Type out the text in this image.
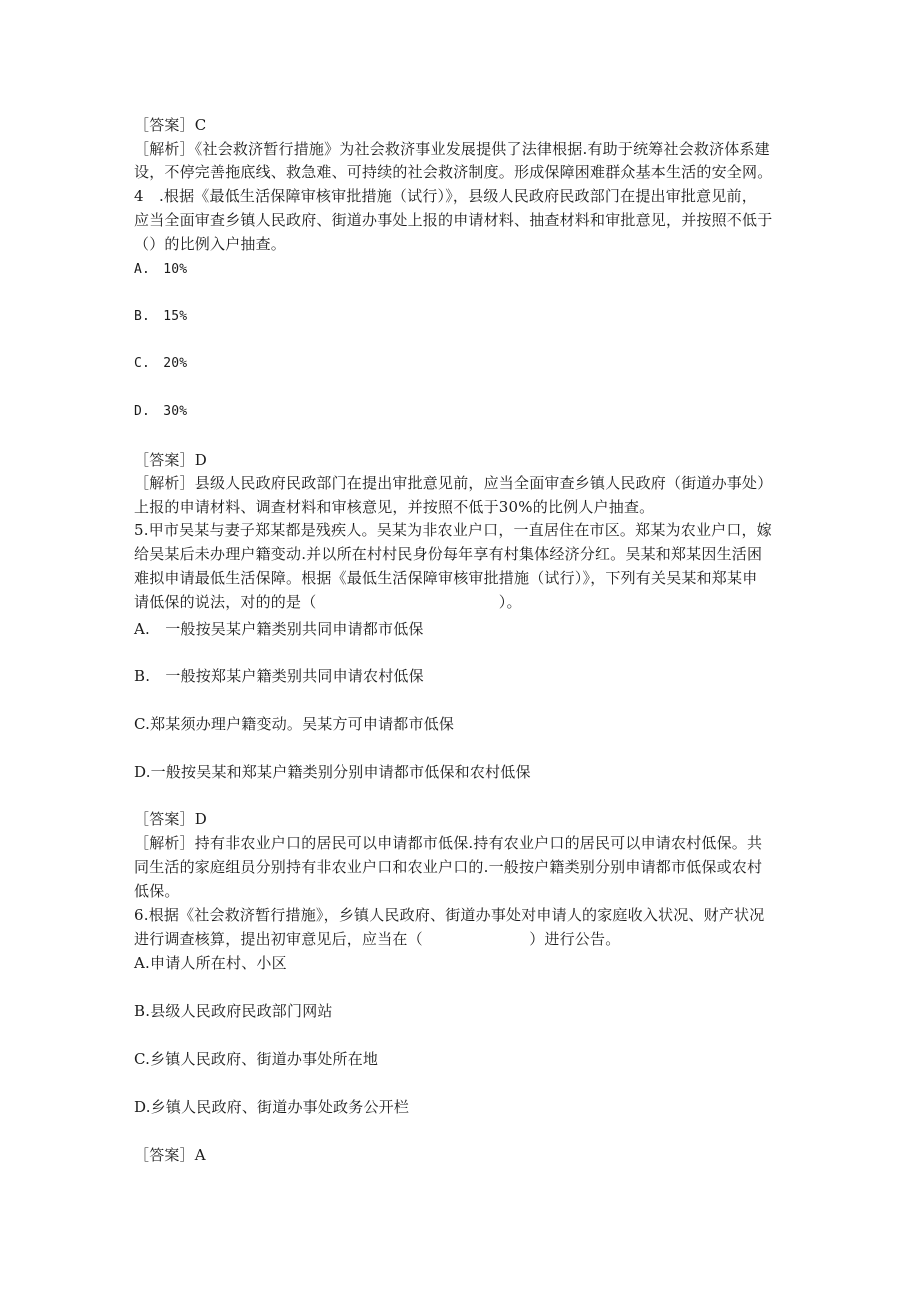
［答案］C
［解析］《社会救济暂行措施》为社会救济事业发展提供了法律根据.有助于统筹社会救济体系建
设，不停完善拖底线、救急难、可持续的社会救济制度。形成保障困难群众基本生活的安全网。
4　.根据《最低生活保障审核审批措施（试行）》，县级人民政府民政部门在提出审批意见前，
应当全面审查乡镇人民政府、街道办事处上报的申请材料、抽查材料和审批意见，并按照不低于
（）的比例入户抽查。
A.　10%
B.　15%
C.　20%
D.　30%
［答案］D
［解析］县级人民政府民政部门在提出审批意见前，应当全面审查乡镇人民政府（街道办事处）
上报的申请材料、调查材料和审核意见，并按照不低于30%的比例人户抽查。
5.甲市吴某与妻子郑某都是残疾人。吴某为非农业户口，一直居住在市区。郑某为农业户口，嫁
给吴某后未办理户籍变动.并以所在村村民身份每年享有村集体经济分红。吴某和郑某因生活困
难拟申请最低生活保障。根据《最低生活保障审核审批措施（试行）》，下列有关吴某和郑某申
请低保的说法，对的的是（　　　　　　　　　　　　）。
A.　一般按吴某户籍类别共同申请都市低保
B.　一般按郑某户籍类别共同申请农村低保
C.郑某须办理户籍变动。吴某方可申请都市低保
D.一般按吴某和郑某户籍类别分别申请都市低保和农村低保
［答案］D
［解析］持有非农业户口的居民可以申请都市低保.持有农业户口的居民可以申请农村低保。共
同生活的家庭组员分别持有非农业户口和农业户口的.一般按户籍类别分别申请都市低保或农村
低保。
6.根据《社会救济暂行措施》，乡镇人民政府、街道办事处对申请人的家庭收入状况、财产状况
进行调查核算，提出初审意见后，应当在（　　　　　　　）进行公告。
A.申请人所在村、小区
B.县级人民政府民政部门网站
C.乡镇人民政府、街道办事处所在地
D.乡镇人民政府、街道办事处政务公开栏
［答案］A
